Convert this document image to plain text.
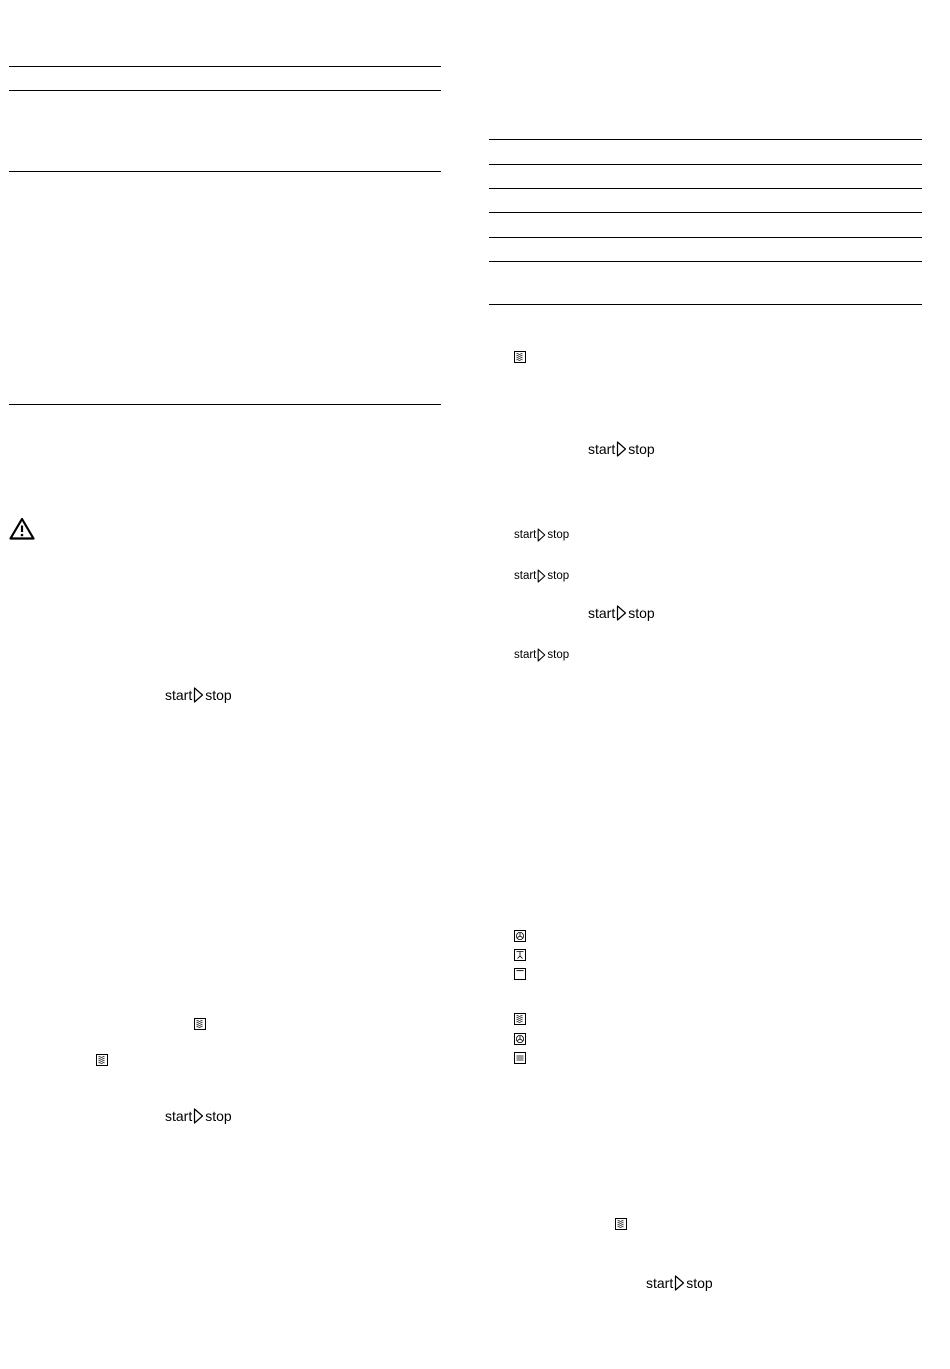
start stop
start stop
start stop
start stop
start stop
start stop
start stop
start stop
